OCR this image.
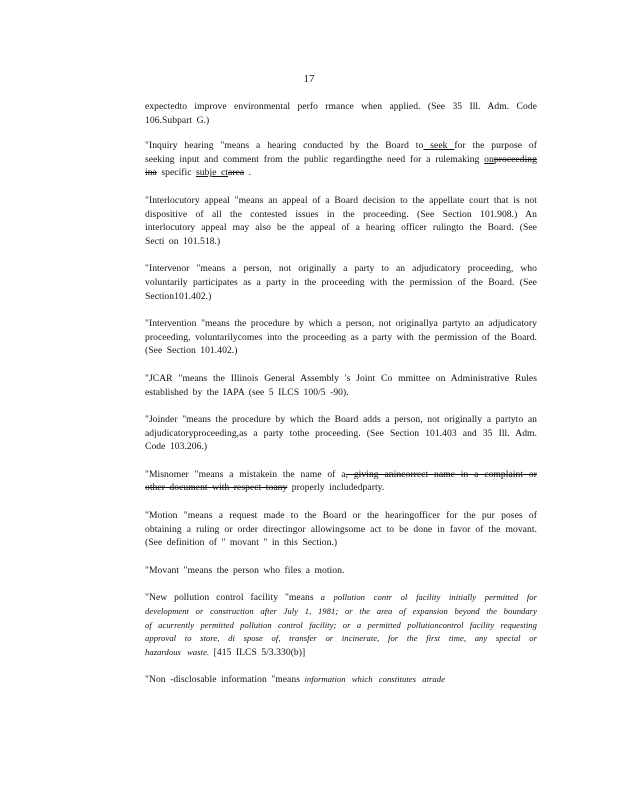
17

expectedto improve environmental perfo rmance when applied. (See 35 Ill. Adm. Code 106.Subpart G.)

"Inquiry hearing "means a hearing conducted by the Board to seek for the purpose of seeking input and comment from the public regardingthe need for a rulemaking onproceeding ina specific subje ctarea .

"Interlocutory appeal "means an appeal of a Board decision to the appellate court that is not dispositive of all the contested issues in the proceeding. (See Section 101.908.) An interlocutory appeal may also be the appeal of a hearing officer rulingto the Board. (See Secti on 101.518.)

"Intervenor "means a person, not originally a party to an adjudicatory proceeding, who voluntarily participates as a party in the proceeding with the permission of the Board. (See Section101.402.)

"Intervention "means the procedure by which a person, not originallya partyto an adjudicatory proceeding, voluntarilycomes into the proceeding as a party with the permission of the Board. (See Section 101.402.)

"JCAR "means the Illinois General Assembly 's Joint Co mmittee on Administrative Rules established by the IAPA (see 5 ILCS 100/5 -90).

"Joinder "means the procedure by which the Board adds a person, not originally a partyto an adjudicatoryproceeding,as a party tothe proceeding. (See Section 101.403 and 35 Ill. Adm. Code 103.206.)

"Misnomer "means a mistakein the name of a, giving anincorrect name in a complaint or other document with respect toany properly includedparty.

"Motion "means a request made to the Board or the hearingofficer for the pur poses of obtaining a ruling or order directingor allowingsome act to be done in favor of the movant.(See definition of " movant " in this Section.)

"Movant "means the person who files a motion.

"New pollution control facility "means a pollution contr ol facility initially permitted for development or construction after July 1, 1981; or the area of expansion beyond the boundary of acurrently permitted pollution control facility; or a permitted pollutioncontrol facility requesting approval to store, di spose of, transfer or incinerate, for the first time, any special or hazardous waste. [415 ILCS 5/3.330(b)]

"Non -disclosable information "means information which constitutes atrade
